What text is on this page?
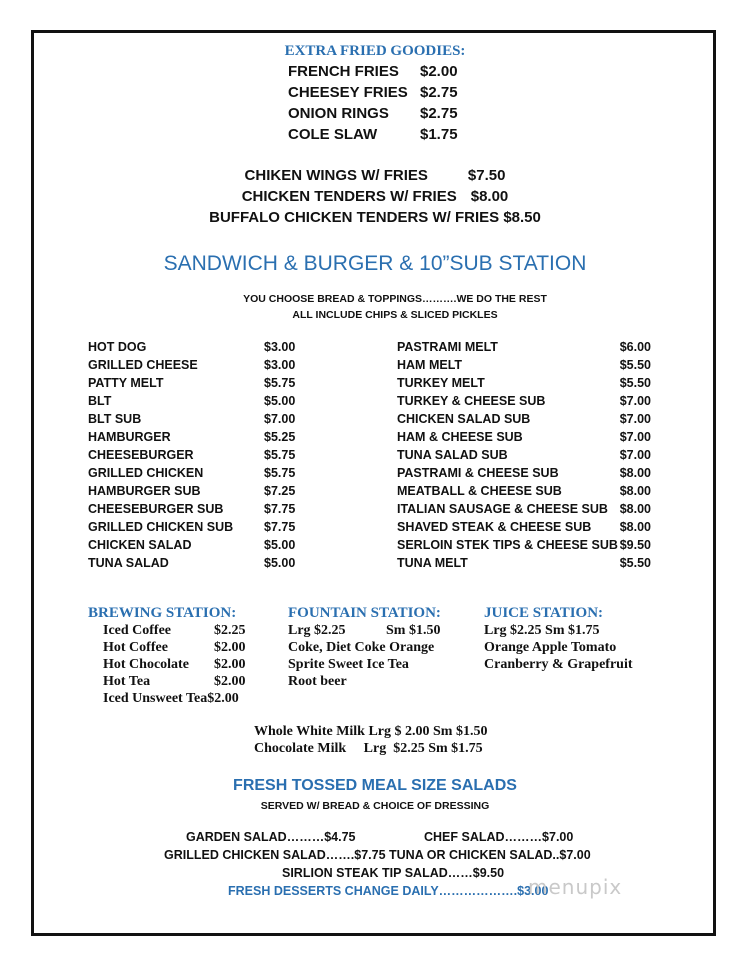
EXTRA FRIED GOODIES:
FRENCH FRIES $2.00
CHEESEY FRIES $2.75
ONION RINGS $2.75
COLE SLAW	$1.75
CHIKEN WINGS W/ FRIES	$7.50
CHICKEN TENDERS W/ FRIES $8.00
BUFFALO CHICKEN TENDERS W/ FRIES $8.50
SANDWICH & BURGER & 10”SUB STATION
YOU CHOOSE BREAD & TOPPINGS……….WE DO THE REST
ALL INCLUDE CHIPS & SLICED PICKLES
HOT DOG	$3.00
GRILLED CHEESE	$3.00
PATTY MELT	$5.75
BLT	$5.00
BLT SUB	$7.00
HAMBURGER	$5.25
CHEESEBURGER	$5.75
GRILLED CHICKEN	$5.75
HAMBURGER SUB	$7.25
CHEESEBURGER SUB	$7.75
GRILLED CHICKEN SUB $7.75
CHICKEN SALAD	$5.00
TUNA SALAD	$5.00
PASTRAMI MELT	$6.00
HAM MELT	$5.50
TURKEY MELT	$5.50
TURKEY & CHEESE SUB	$7.00
CHICKEN SALAD SUB	$7.00
HAM & CHEESE SUB	$7.00
TUNA SALAD SUB	$7.00
PASTRAMI & CHEESE SUB	$8.00
MEATBALL & CHEESE SUB	$8.00
ITALIAN SAUSAGE & CHEESE SUB $8.00
SHAVED STEAK & CHEESE SUB $8.00
SERLOIN STEK TIPS & CHEESE SUB $9.50
TUNA MELT	$5.50
BREWING STATION:	FOUNTAIN STATION:	JUICE STATION:
Iced Coffee	$2.25
Hot Coffee	$2.00
Hot Chocolate $2.00
Hot Tea	$2.00
Iced Unsweet Tea$2.00
Lrg $2.25	Sm $1.50
Coke, Diet Coke Orange
Sprite Sweet Ice Tea
Root beer
Lrg $2.25 Sm $1.75
Orange Apple Tomato
Cranberry & Grapefruit
Whole White Milk Lrg $ 2.00 Sm $1.50
Chocolate Milk     Lrg  $2.25 Sm $1.75
FRESH TOSSED MEAL SIZE SALADS
SERVED W/ BREAD & CHOICE OF DRESSING
GARDEN SALAD………$4.75	CHEF SALAD………$7.00
GRILLED CHICKEN SALAD…….$7.75 TUNA OR CHICKEN SALAD..$7.00
SIRLION STEAK TIP SALAD……$9.50
FRESH DESSERTS CHANGE DAILY……………….$3.00
menupix
